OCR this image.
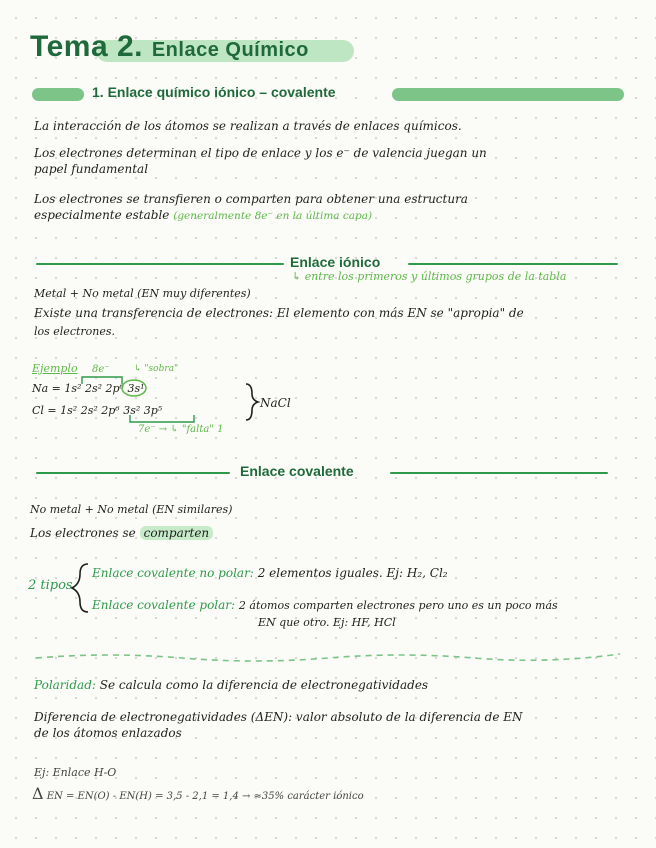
Tema 2. Enlace Químico
1. Enlace químico iónico – covalente
La interacción de los átomos se realizan a través de enlaces químicos.
Los electrones determinan el tipo de enlace y los e⁻ de valencia juegan un
papel fundamental
Los electrones se transfieren o comparten para obtener una estructura
especialmente estable (generalmente 8e⁻ en la última capa)
Enlace iónico
↳ entre los primeros y últimos grupos de la tabla
Metal + No metal (EN muy diferentes)
Existe una transferencia de electrones: El elemento con más EN se "apropia" de
los electrones.
Ejemplo 8e⁻	↳ "sobra"
Na = 1s² 2s² 2p⁶ 3s¹
Cl = 1s² 2s² 2p⁶ 3s² 3p⁵
7e⁻ → ↳ "falta" 1
NaCl
Enlace covalente
No metal + No metal (EN similares)
Los electrones se comparten
2 tipos
Enlace covalente no polar: 2 elementos iguales. Ej: H₂, Cl₂
Enlace covalente polar: 2 átomos comparten electrones pero uno es un poco más
EN que otro. Ej: HF, HCl
Polaridad: Se calcula como la diferencia de electronegatividades
Diferencia de electronegatividades (ΔEN): valor absoluto de la diferencia de EN
de los átomos enlazados
Ej: Enlace H-O
Δ EN = EN(O) - EN(H) = 3,5 - 2,1 = 1,4 → ≈35% carácter iónico
